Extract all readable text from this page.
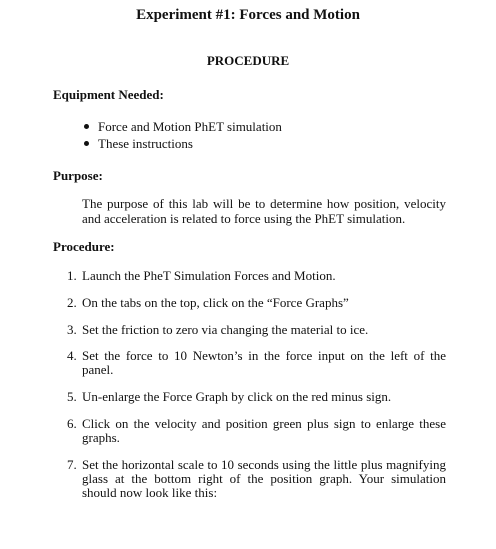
Experiment #1: Forces and Motion
PROCEDURE
Equipment Needed:
Force and Motion PhET simulation
These instructions
Purpose:
The purpose of this lab will be to determine how position, velocity and acceleration is related to force using the PhET simulation.
Procedure:
1. Launch the PheT Simulation Forces and Motion.
2. On the tabs on the top, click on the “Force Graphs”
3. Set the friction to zero via changing the material to ice.
4. Set the force to 10 Newton’s in the force input on the left of the panel.
5. Un-enlarge the Force Graph by click on the red minus sign.
6. Click on the velocity and position green plus sign to enlarge these graphs.
7. Set the horizontal scale to 10 seconds using the little plus magnifying glass at the bottom right of the position graph. Your simulation should now look like this:
